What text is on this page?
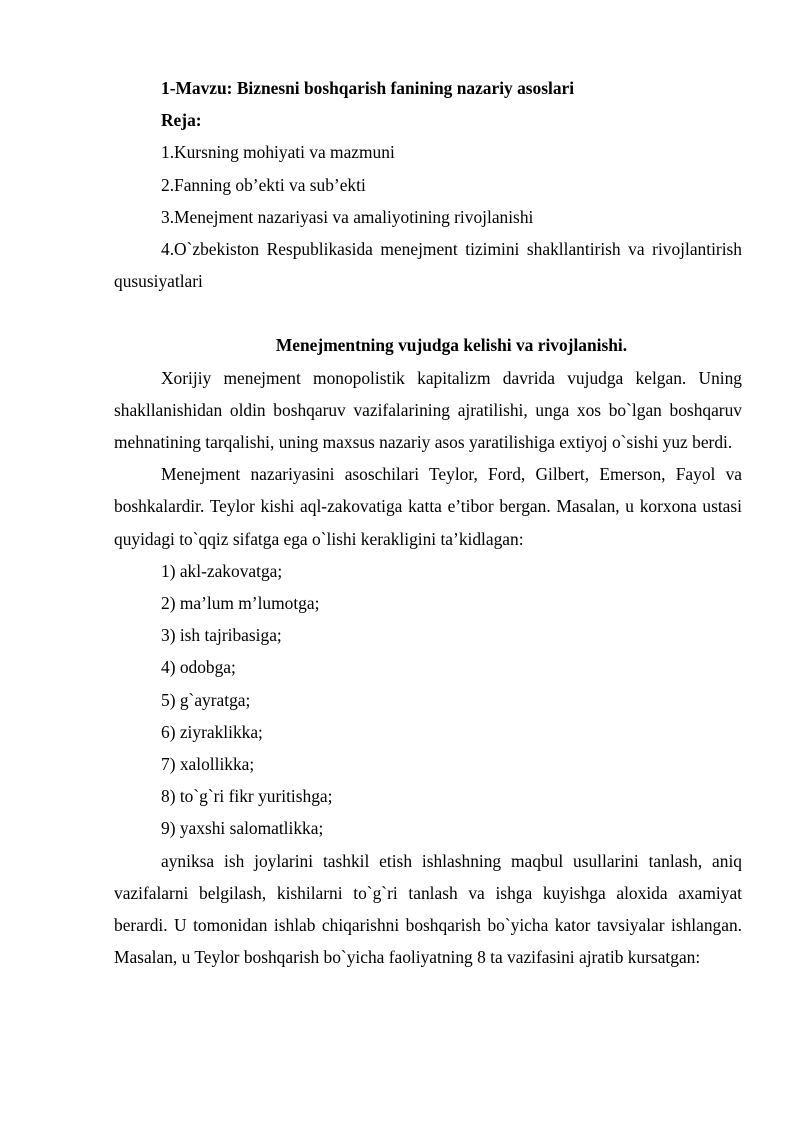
1-Mavzu: Biznesni boshqarish fanining nazariy asoslari

Reja:

1.Kursning mohiyati va mazmuni

2.Fanning ob’ekti va sub’ekti

3.Menejment nazariyasi va amaliyotining rivojlanishi

4.O`zbekiston Respublikasida menejment tizimini shakllantirish va rivojlantirish qususiyatlari

Menejmentning vujudga kelishi va rivojlanishi.

Xorijiy menejment monopolistik kapitalizm davrida vujudga kelgan. Uning shakllanishidan oldin boshqaruv vazifalarining ajratilishi, unga xos bo`lgan boshqaruv mehnatining tarqalishi, uning maxsus nazariy asos yaratilishiga extiyoj o`sishi yuz berdi.

Menejment nazariyasini asoschilari Teylor, Ford, Gilbert, Emerson, Fayol va boshkalardir. Teylor kishi aql-zakovatiga katta e’tibor bergan. Masalan, u korxona ustasi quyidagi to`qqiz sifatga ega o`lishi kerakligini ta’kidlagan:

1) akl-zakovatga;

2) ma’lum m’lumotga;

3) ish tajribasiga;

4) odobga;

5) g`ayratga;

6) ziyraklikka;

7) xalollikka;

8) to`g`ri fikr yuritishga;

9) yaxshi salomatlikka;

ayniksa ish joylarini tashkil etish ishlashning maqbul usullarini tanlash, aniq vazifalarni belgilash, kishilarni to`g`ri tanlash va ishga kuyishga aloxida axamiyat berardi. U tomonidan ishlab chiqarishni boshqarish bo`yicha kator tavsiyalar ishlangan. Masalan, u Teylor boshqarish bo`yicha faoliyatning 8 ta vazifasini ajratib kursatgan:
